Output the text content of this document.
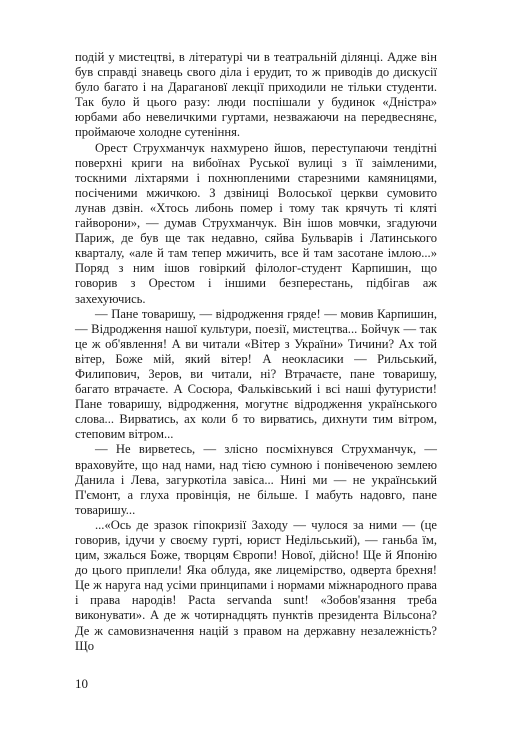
подій у мистецтві, в літературі чи в театральній ділянці. Адже він був справді знавець свого діла і ерудит, то ж приводів до дискусії було багато і на Дарагановї лекції приходили не тільки студенти. Так було й цього разу: люди поспішали у будинок «Дністра» юрбами або невеличкими гуртами, незважаючи на передвеснянє, проймаюче холодне сутеніння.

Орест Струхманчук нахмурено йшов, переступаючи тендітні поверхні криги на вибоїнах Руської вулиці з її заімленими, тоскними ліхтарями і похнюпленими старезними камяницями, посіченими мжичкою. З дзвіниці Волоської церкви сумовито лунав дзвін. «Хтось либонь помер і тому так крячуть ті кляті гайворони», — думав Струхманчук. Він ішов мовчки, згадуючи Париж, де був ще так недавно, сяйва Бульварів і Латинського кварталу, «але й там тепер мжичить, все й там засотане імлою...» Поряд з ним ішов говіркий філолог-студент Карпишин, що говорив з Орестом і іншими безперестань, підбігав аж захехуючись.

— Пане товаришу, — відродження гряде! — мовив Карпишин, — Відродження нашої культури, поезії, мистецтва... Бойчук — так це ж об'явлення! А ви читали «Вітер з України» Тичини? Ах той вітер, Боже мій, який вітер! А неокласики — Рильський, Филипович, Зеров, ви читали, ні? Втрачаєте, пане товаришу, багато втрачаєте. А Сосюра, Фальківський і всі наші футуристи! Пане товаришу, відродження, могутнє відродження українського слова... Вирватись, ах коли б то вирватись, дихнути тим вітром, степовим вітром...

— Не вирветесь, — злісно посміхнувся Струхманчук, — враховуйте, що над нами, над тією сумною і понівеченою землею Данила і Лева, загуркотіла завіса... Нині ми — не український П'ємонт, а глуха провінція, не більше. І мабуть надовго, пане товаришу...

...«Ось де зразок гіпокризії Заходу — чулося за ними — (це говорив, ідучи у своєму гурті, юрист Недільський), — ганьба їм, цим, зжалься Боже, творцям Європи! Нової, дійсно! Ще й Японію до цього приплели! Яка облуда, яке лицемірство, одверта брехня! Це ж наруга над усіми принципами і нормами міжнародного права і права народів! Pacta servanda sunt! «Зобов'язання треба виконувати». А де ж чотирнадцять пунктів президента Вільсона? Де ж самовизначення націй з правом на державну незалежність? Що

10
